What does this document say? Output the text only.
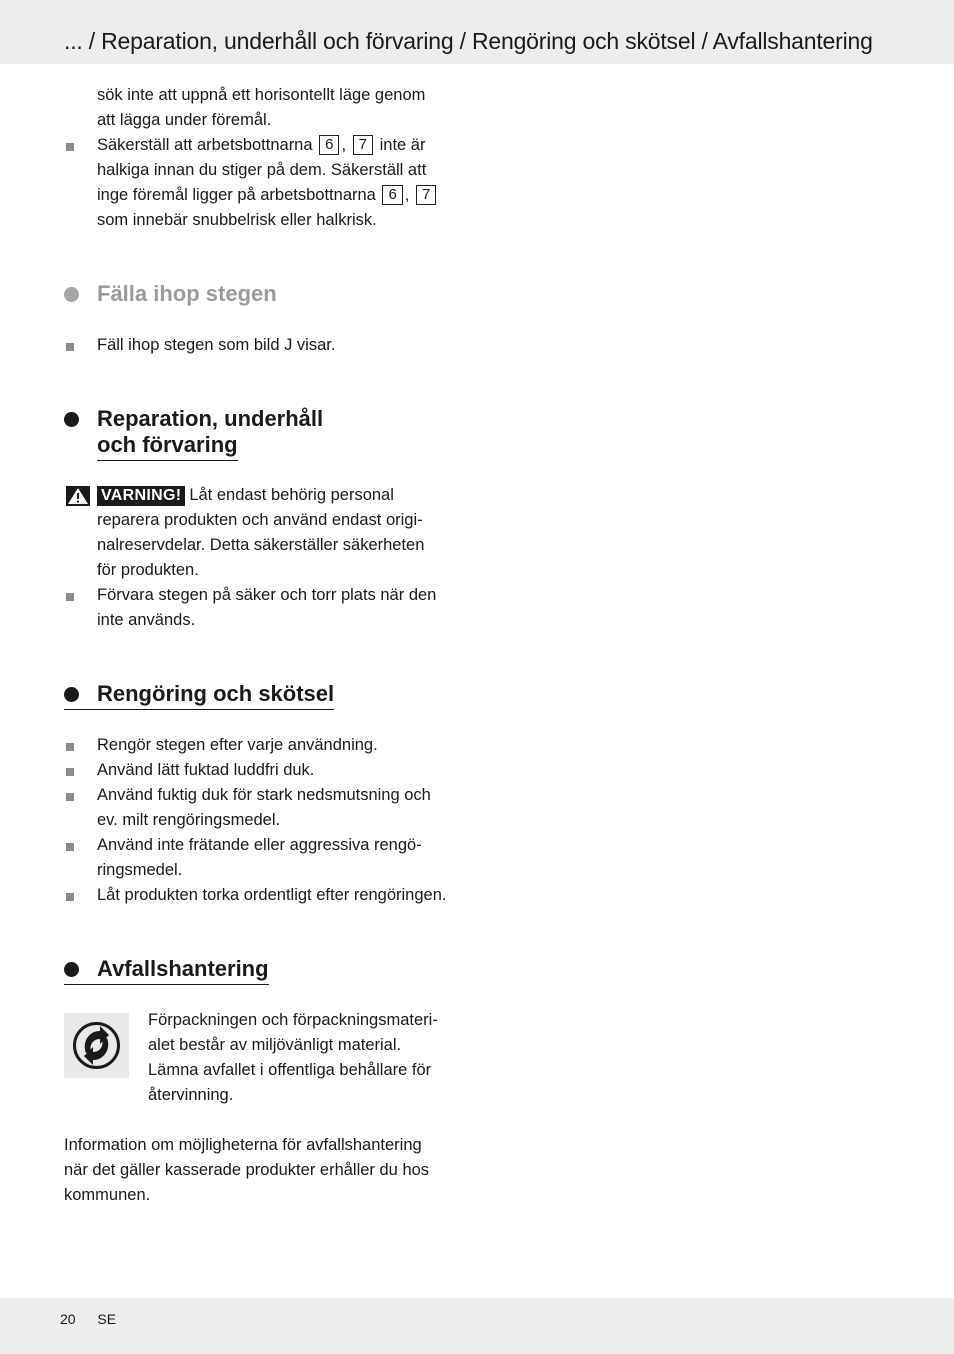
... / Reparation, underhåll och förvaring / Rengöring och skötsel / Avfallshantering

sök inte att uppnå ett horisontellt läge genom

att lägga under föremål.

Säkerställ att arbetsbottnarna 6 , 7 inte är

halkiga innan du stiger på dem. Säkerställ att

inge föremål ligger på arbetsbottnarna 6 , 7

som innebär snubbelrisk eller halkrisk.

Fälla ihop stegen

Fäll ihop stegen som bild J visar.

Reparation, underhåll
och förvaring

VARNING! Låt endast behörig personal

reparera produkten och använd endast origi-

nalreservdelar. Detta säkerställer säkerheten

för produkten.

Förvara stegen på säker och torr plats när den

inte används.

Rengöring och skötsel

Rengör stegen efter varje användning.

Använd lätt fuktad luddfri duk.

Använd fuktig duk för stark nedsmutsning och

ev. milt rengöringsmedel.

Använd inte frätande eller aggressiva rengö-

ringsmedel.

Låt produkten torka ordentligt efter rengöringen.

Avfallshantering

Förpackningen och förpackningsmateri-

alet består av miljövänligt material.

Lämna avfallet i offentliga behållare för

återvinning.

Information om möjligheterna för avfallshantering

när det gäller kasserade produkter erhåller du hos

kommunen.

20 SE
